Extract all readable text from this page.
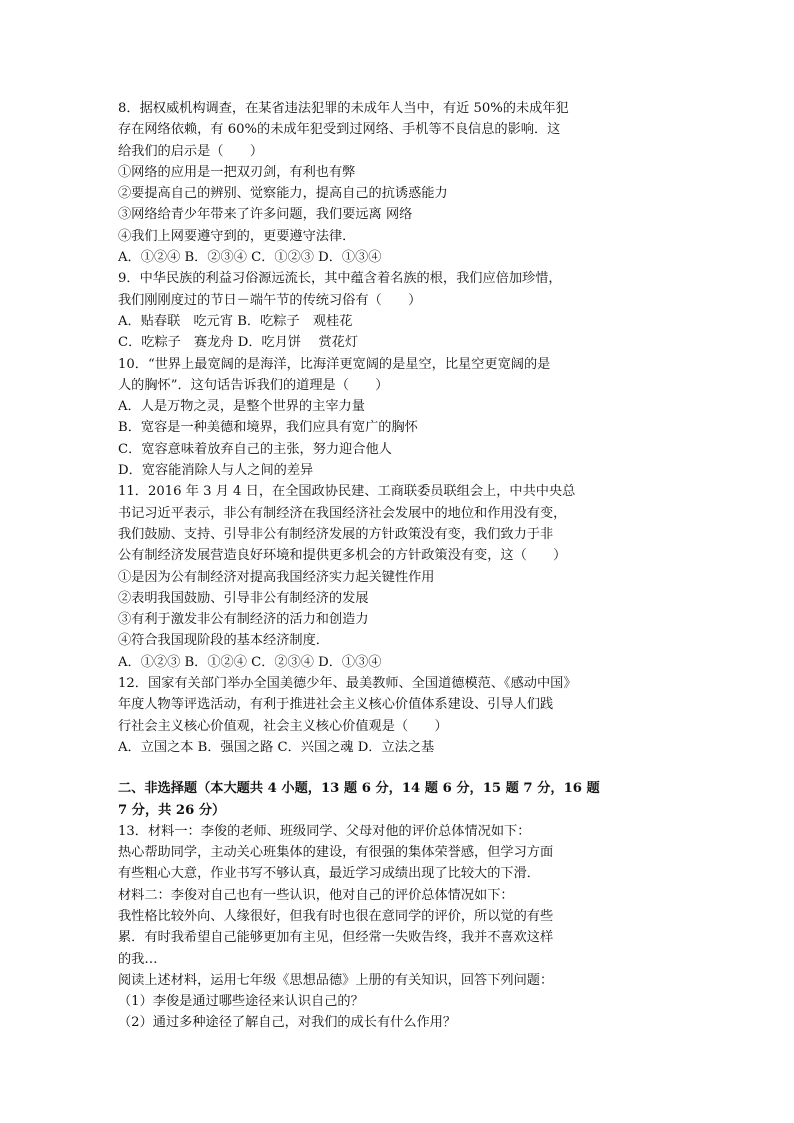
8．据权威机构调查，在某省违法犯罪的未成年人当中，有近 50%的未成年犯
存在网络依赖，有 60%的未成年犯受到过网络、手机等不良信息的影响．这
给我们的启示是（　　）
①网络的应用是一把双刃剑，有利也有弊
②要提高自己的辨别、觉察能力，提高自己的抗诱惑能力
③网络给青少年带来了许多问题，我们要远离 网络
④我们上网要遵守到的，更要遵守法律．
A．①②④ B．②③④ C．①②③ D．①③④
9．中华民族的利益习俗源远流长，其中蕴含着名族的根，我们应倍加珍惜，
我们刚刚度过的节日－端午节的传统习俗有（　　）
A．贴春联　吃元宵 B．吃粽子　观桂花
C．吃粽子　赛龙舟 D．吃月饼　 赏花灯
10．“世界上最宽阔的是海洋，比海洋更宽阔的是星空，比星空更宽阔的是
人的胸怀”．这句话告诉我们的道理是（　　）
A．人是万物之灵，是整个世界的主宰力量
B．宽容是一种美德和境界，我们应具有宽广的胸怀
C．宽容意味着放弃自己的主张，努力迎合他人
D．宽容能消除人与人之间的差异
11．2016 年 3 月 4 日，在全国政协民建、工商联委员联组会上，中共中央总
书记习近平表示，非公有制经济在我国经济社会发展中的地位和作用没有变，
我们鼓励、支持、引导非公有制经济发展的方针政策没有变，我们致力于非
公有制经济发展营造良好环境和提供更多机会的方针政策没有变，这（　　）
①是因为公有制经济对提高我国经济实力起关键性作用
②表明我国鼓励、引导非公有制经济的发展
③有利于激发非公有制经济的活力和创造力
④符合我国现阶段的基本经济制度．
A．①②③ B．①②④ C．②③④ D．①③④
12．国家有关部门举办全国美德少年、最美教师、全国道德模范、《感动中国》
年度人物等评选活动，有利于推进社会主义核心价值体系建设、引导人们践
行社会主义核心价值观，社会主义核心价值观是（　　）
A．立国之本 B．强国之路 C．兴国之魂 D．立法之基
二、非选择题（本大题共 4 小题，13 题 6 分，14 题 6 分，15 题 7 分，16 题
7 分，共 26 分）
13．材料一：李俊的老师、班级同学、父母对他的评价总体情况如下：
热心帮助同学，主动关心班集体的建设，有很强的集体荣誉感，但学习方面
有些粗心大意，作业书写不够认真，最近学习成绩出现了比较大的下滑．
材料二：李俊对自己也有一些认识，他对自己的评价总体情况如下：
我性格比较外向、人缘很好，但我有时也很在意同学的评价，所以觉的有些
累．有时我希望自己能够更加有主见，但经常一失败告终，我并不喜欢这样
的我…
阅读上述材料，运用七年级《思想品德》上册的有关知识，回答下列问题：
（1）李俊是通过哪些途径来认识自己的？
（2）通过多种途径了解自己，对我们的成长有什么作用？
